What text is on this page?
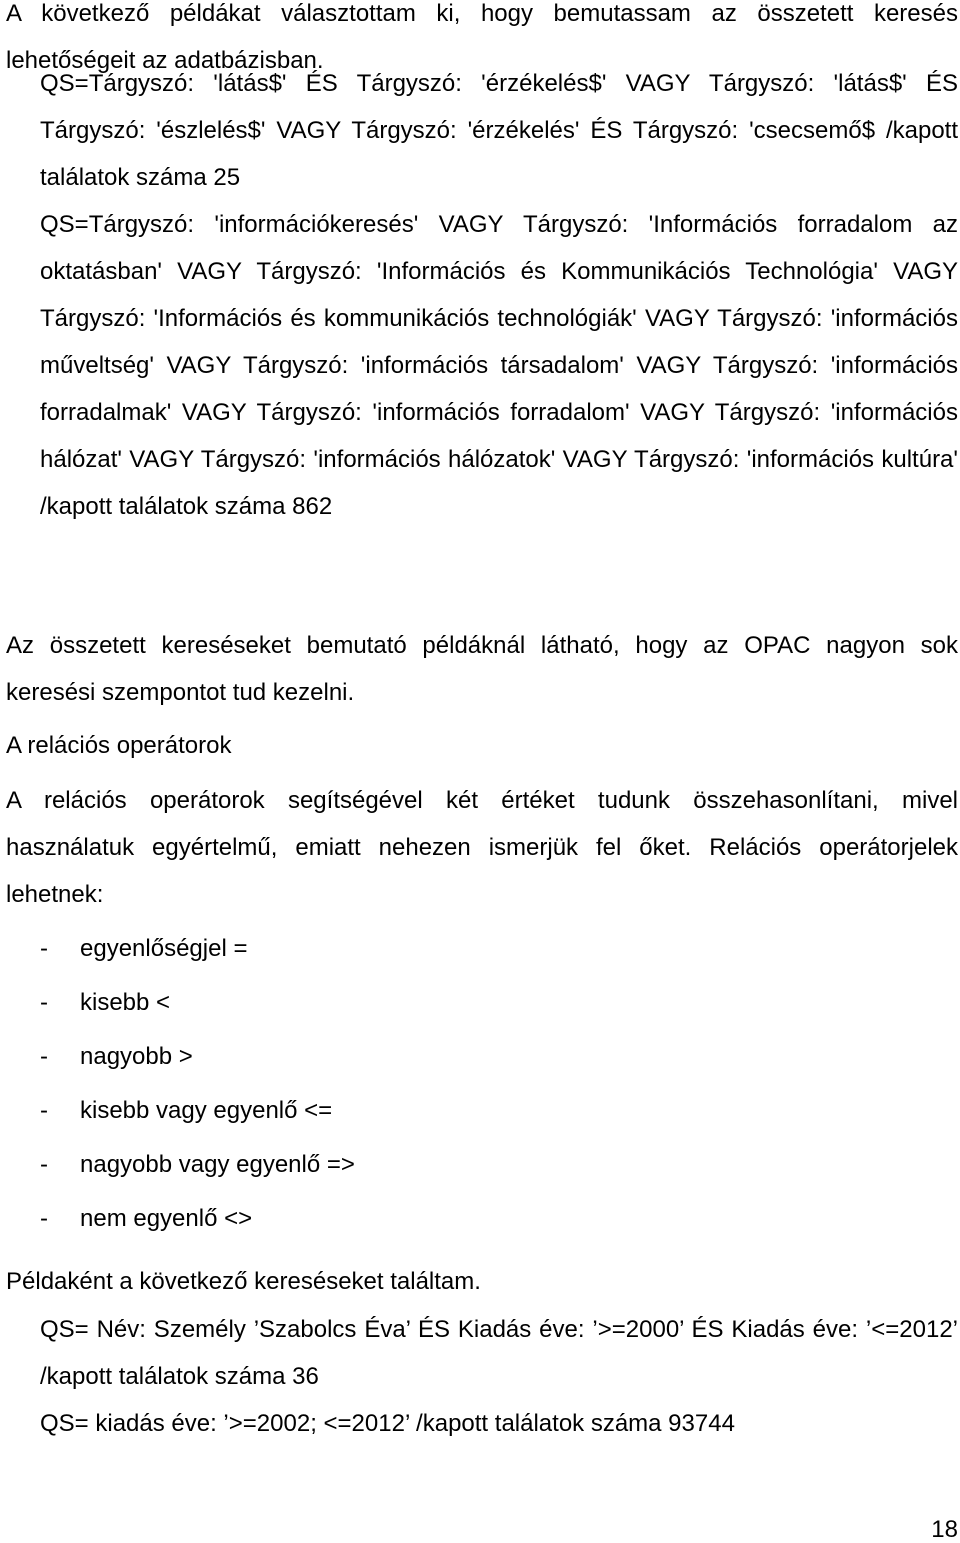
A következő példákat választottam ki, hogy bemutassam az összetett keresés lehetőségeit az adatbázisban.

QS=Tárgyszó: 'látás$' ÉS Tárgyszó: 'érzékelés$' VAGY Tárgyszó: 'látás$' ÉS Tárgyszó: 'észlelés$' VAGY Tárgyszó: 'érzékelés' ÉS Tárgyszó: 'csecsemő$ /kapott találatok száma 25
QS=Tárgyszó: 'információkeresés' VAGY Tárgyszó: 'Információs forradalom az oktatásban' VAGY Tárgyszó: 'Információs és Kommunikációs Technológia' VAGY Tárgyszó: 'Információs és kommunikációs technológiák' VAGY Tárgyszó: 'információs műveltség' VAGY Tárgyszó: 'információs társadalom' VAGY Tárgyszó: 'információs forradalmak' VAGY Tárgyszó: 'információs forradalom' VAGY Tárgyszó: 'információs hálózat' VAGY Tárgyszó: 'információs hálózatok' VAGY Tárgyszó: 'információs kultúra' /kapott találatok száma 862

Az összetett kereséseket bemutató példáknál látható, hogy az OPAC nagyon sok keresési szempontot tud kezelni.

A relációs operátorok

A relációs operátorok segítségével két értéket tudunk összehasonlítani, mivel használatuk egyértelmű, emiatt nehezen ismerjük fel őket. Relációs operátorjelek lehetnek:

- egyenlőségjel =
- kisebb <
- nagyobb >
- kisebb vagy egyenlő <=
- nagyobb vagy egyenlő =>
- nem egyenlő <>

Példaként a következő kereséseket találtam.

QS= Név: Személy ’Szabolcs Éva’ ÉS Kiadás éve: ’>=2000’ ÉS Kiadás éve: ’<=2012’ /kapott találatok száma 36
QS= kiadás éve: ’>=2002; <=2012’ /kapott találatok száma 93744
18
